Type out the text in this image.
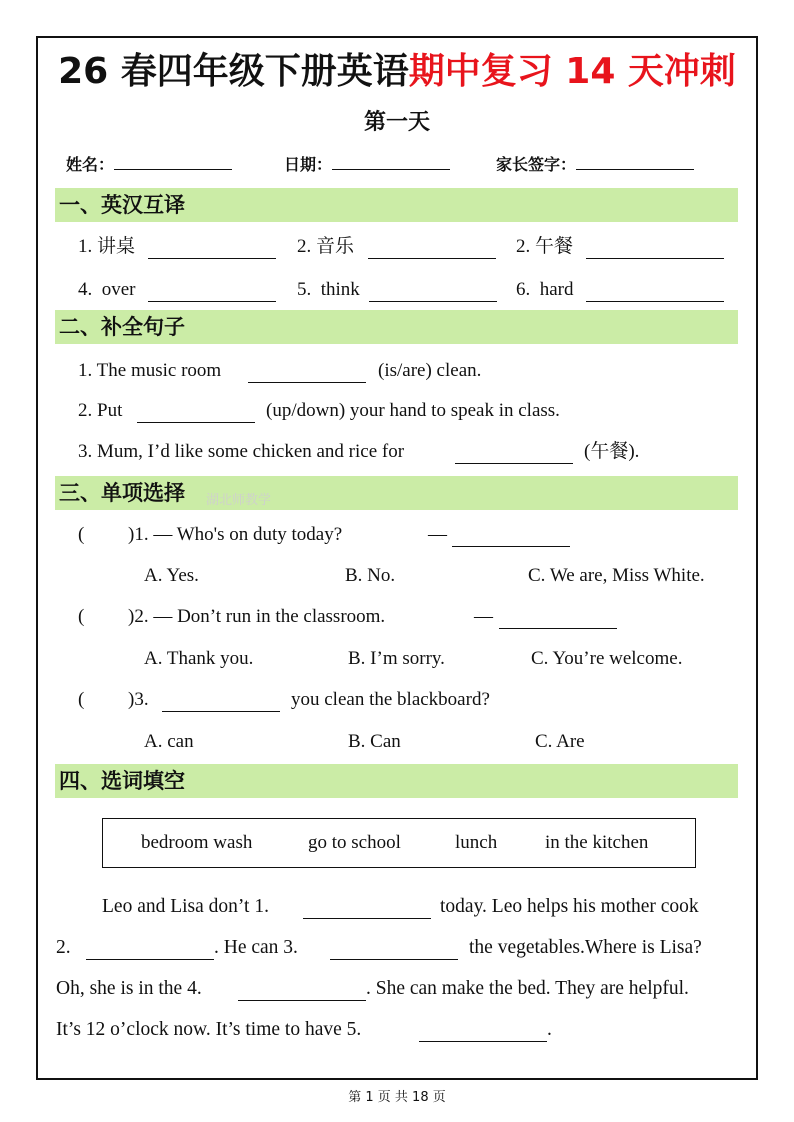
26 春四年级下册英语期中复习 14 天冲刺
第一天
姓名：	日期：	家长签字：
一、英汉互译
1. 讲桌	2. 音乐	2. 午餐
4. over	5. think	6. hard
二、补全句子
1. The music room	(is/are) clean.
2. Put	(up/down) your hand to speak in class.
3. Mum, I’d like some chicken and rice for	(午餐).
三、单项选择 湖北师教学
( )1. — Who's on duty today?	—
A. Yes.	B. No.	C. We are, Miss White.
( )2. — Don’t run in the classroom.	—
A. Thank you.	B. I’m sorry.	C. You’re welcome.
( )3.	you clean the blackboard?
A. can	B. Can	C. Are
四、选词填空
bedroom wash	go to school	lunch	in the kitchen
Leo and Lisa don’t 1.	today. Leo helps his mother cook
2.	. He can 3.	the vegetables.Where is Lisa?
Oh, she is in the 4.	. She can make the bed. They are helpful.
It’s 12 o’clock now. It’s time to have 5.	.
第 1 页 共 18 页
